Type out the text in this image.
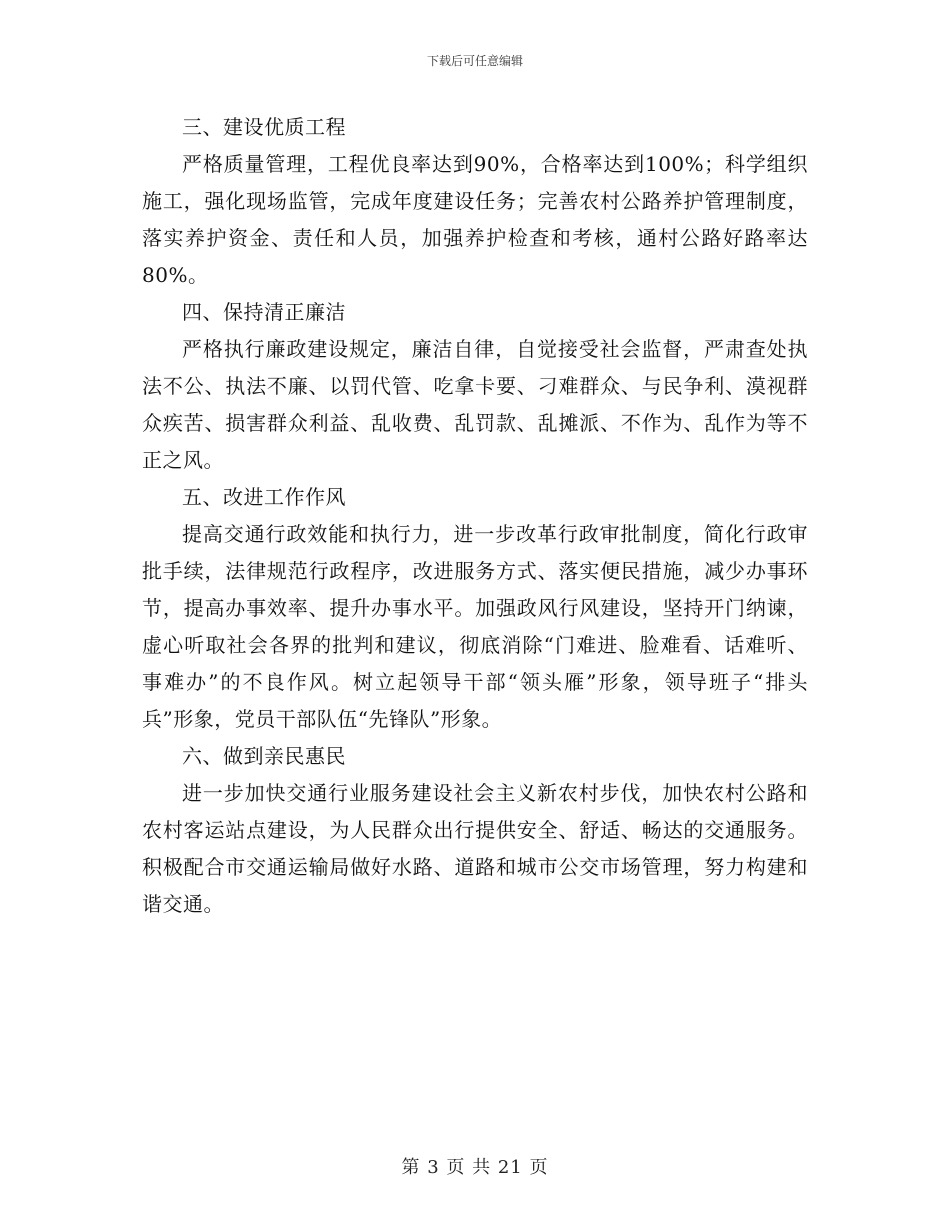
下载后可任意编辑

三、建设优质工程

严格质量管理，工程优良率达到90%，合格率达到100%；科学组织施工，强化现场监管，完成年度建设任务；完善农村公路养护管理制度，落实养护资金、责任和人员，加强养护检查和考核，通村公路好路率达80%。

四、保持清正廉洁

严格执行廉政建设规定，廉洁自律，自觉接受社会监督，严肃查处执法不公、执法不廉、以罚代管、吃拿卡要、刁难群众、与民争利、漠视群众疾苦、损害群众利益、乱收费、乱罚款、乱摊派、不作为、乱作为等不正之风。

五、改进工作作风

提高交通行政效能和执行力，进一步改革行政审批制度，简化行政审批手续，法律规范行政程序，改进服务方式、落实便民措施，减少办事环节，提高办事效率、提升办事水平。加强政风行风建设，坚持开门纳谏，虚心听取社会各界的批判和建议，彻底消除“门难进、脸难看、话难听、事难办”的不良作风。树立起领导干部“领头雁”形象，领导班子“排头兵”形象，党员干部队伍“先锋队”形象。

六、做到亲民惠民

进一步加快交通行业服务建设社会主义新农村步伐，加快农村公路和农村客运站点建设，为人民群众出行提供安全、舒适、畅达的交通服务。积极配合市交通运输局做好水路、道路和城市公交市场管理，努力构建和谐交通。

第 3 页 共 21 页
